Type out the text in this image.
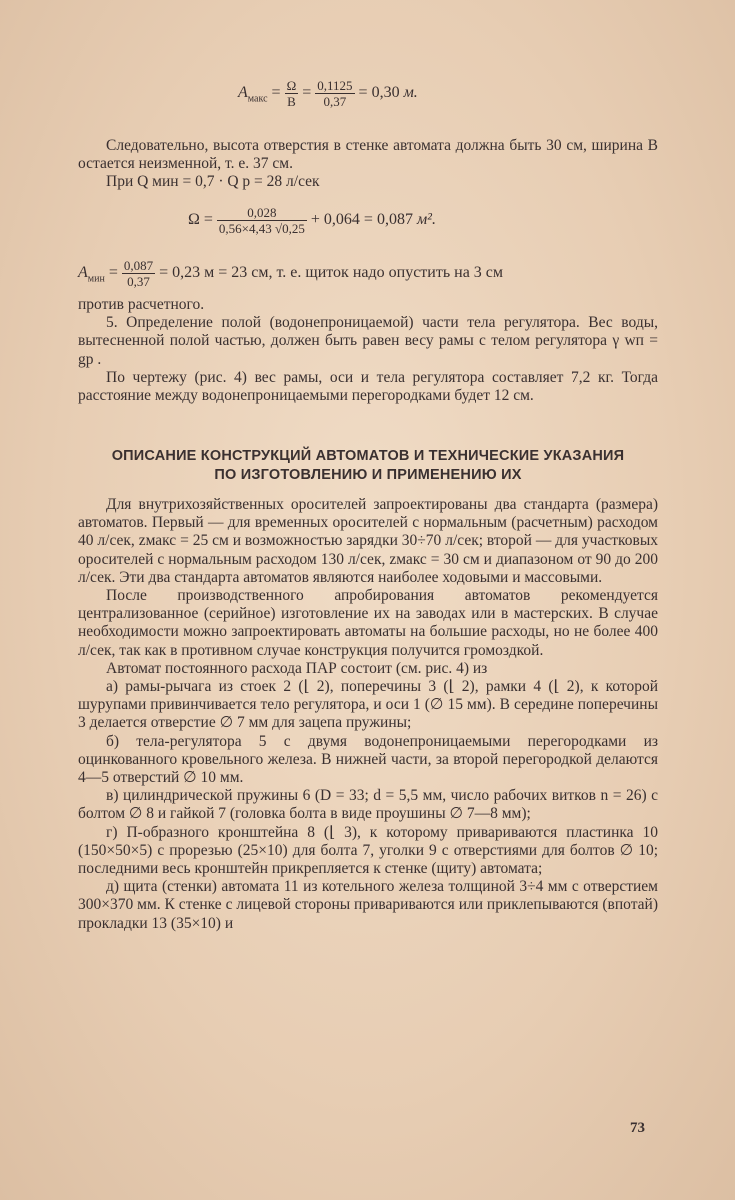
$A_{макс} = \frac{\Omega}{B} = \frac{0,1125}{0,37} = 0,30$ м.

Следовательно, высота отверстия в стенке автомата должна быть 30 см, ширина B остается неизменной, т. е. 37 см.

При Q мин = 0,7 · Q р = 28 л/сек

$\Omega = \frac{0,028}{0,56\times 4,43 √0,25} + 0,064 = 0,087$ м².
$A_{мин} = \frac{0,087}{0,37} = 0,23$ м = 23 см, т. е. щиток надо опустить на 3 см

против расчетного.

5. Определение полой (водонепроницаемой) части тела регулятора. Вес воды, вытесненной полой частью, должен быть равен весу рамы с телом регулятора γ wп = gр .

По чертежу (рис. 4) вес рамы, оси и тела регулятора составляет 7,2 кг. Тогда расстояние между водонепроницаемыми перегородками будет 12 см.

ОПИСАНИЕ КОНСТРУКЦИЙ АВТОМАТОВ И ТЕХНИЧЕСКИЕ УКАЗАНИЯ
ПО ИЗГОТОВЛЕНИЮ И ПРИМЕНЕНИЮ ИХ

Для внутрихозяйственных оросителей запроектированы два стандарта (размера) автоматов. Первый — для временных оросителей с нормальным (расчетным) расходом 40 л/сек, zмакс = 25 см и возможностью зарядки 30÷70 л/сек; второй — для участковых оросителей с нормальным расходом 130 л/сек, zмакс = 30 см и диапазоном от 90 до 200 л/сек. Эти два стандарта автоматов являются наиболее ходовыми и массовыми.

После производственного апробирования автоматов рекомендуется централизованное (серийное) изготовление их на заводах или в мастерских. В случае необходимости можно запроектировать автоматы на большие расходы, но не более 400 л/сек, так как в противном случае конструкция получится громоздкой.

Автомат постоянного расхода ПАР состоит (см. рис. 4) из

а) рамы-рычага из стоек 2 (⌊ 2), поперечины 3 (⌊ 2), рамки 4 (⌊ 2), к которой шурупами привинчивается тело регулятора, и оси 1 (∅ 15 мм). В середине поперечины 3 делается отверстие ∅ 7 мм для зацепа пружины;

б) тела-регулятора 5 с двумя водонепроницаемыми перегородками из оцинкованного кровельного железа. В нижней части, за второй перегородкой делаются 4—5 отверстий ∅ 10 мм.

в) цилиндрической пружины 6 (D = 33; d = 5,5 мм, число рабочих витков n = 26) с болтом ∅ 8 и гайкой 7 (головка болта в виде проушины ∅ 7—8 мм);

г) П-образного кронштейна 8 (⌊ 3), к которому привариваются пластинка 10 (150×50×5) с прорезью (25×10) для болта 7, уголки 9 с отверстиями для болтов ∅ 10; последними весь кронштейн прикрепляется к стенке (щиту) автомата;

д) щита (стенки) автомата 11 из котельного железа толщиной 3÷4 мм с отверстием 300×370 мм. К стенке с лицевой стороны привариваются или приклепываются (впотай) прокладки 13 (35×10) и

73
